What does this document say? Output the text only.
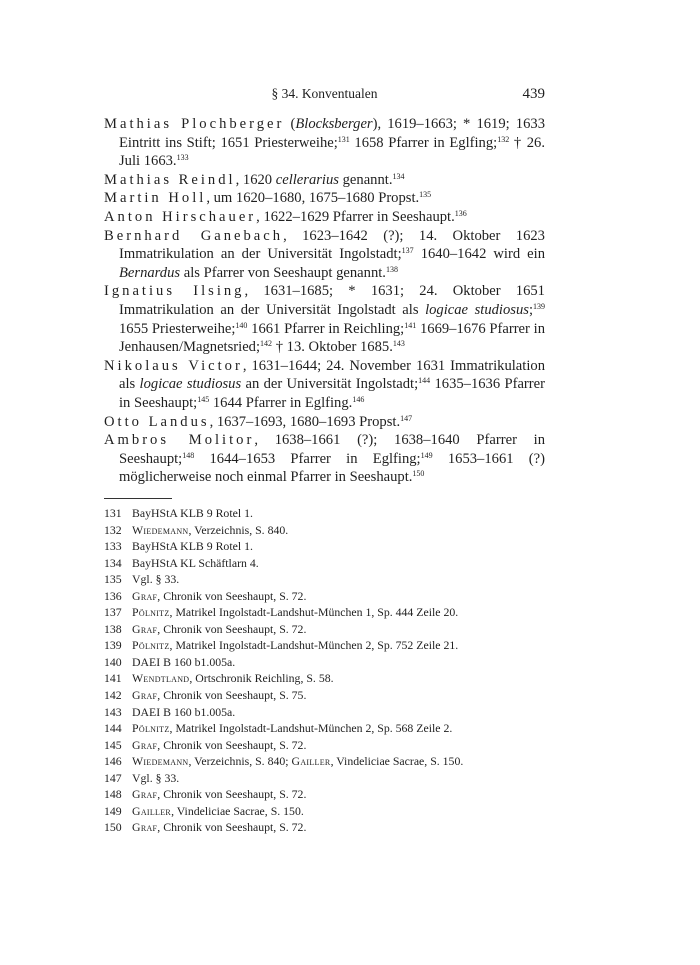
§ 34. Konventualen	439
Mathias Plochberger (Blocksberger), 1619–1663; * 1619; 1633 Eintritt ins Stift; 1651 Priesterweihe;$^{131}$ 1658 Pfarrer in Eglfing;$^{132}$ † 26. Juli 1663.$^{133}$
Mathias Reindl, 1620 cellerarius genannt.$^{134}$
Martin Holl, um 1620–1680, 1675–1680 Propst.$^{135}$
Anton Hirschauer, 1622–1629 Pfarrer in Seeshaupt.$^{136}$
Bernhard Ganebach, 1623–1642 (?); 14. Oktober 1623 Immatrikulation an der Universität Ingolstadt;$^{137}$ 1640–1642 wird ein Bernardus als Pfarrer von Seeshaupt genannt.$^{138}$
Ignatius Ilsing, 1631–1685; * 1631; 24. Oktober 1651 Immatrikulation an der Universität Ingolstadt als logicae studiosus;$^{139}$ 1655 Priesterweihe;$^{140}$ 1661 Pfarrer in Reichling;$^{141}$ 1669–1676 Pfarrer in Jenhausen/Magnetsried;$^{142}$ † 13. Oktober 1685.$^{143}$
Nikolaus Victor, 1631–1644; 24. November 1631 Immatrikulation als logicae studiosus an der Universität Ingolstadt;$^{144}$ 1635–1636 Pfarrer in Seeshaupt;$^{145}$ 1644 Pfarrer in Eglfing.$^{146}$
Otto Landus, 1637–1693, 1680–1693 Propst.$^{147}$
Ambros Molitor, 1638–1661 (?); 1638–1640 Pfarrer in Seeshaupt;$^{148}$ 1644–1653 Pfarrer in Eglfing;$^{149}$ 1653–1661 (?) möglicherweise noch einmal Pfarrer in Seeshaupt.$^{150}$
131 BayHStA KLB 9 Rotel 1.
132 Wiedemann, Verzeichnis, S. 840.
133 BayHStA KLB 9 Rotel 1.
134 BayHStA KL Schäftlarn 4.
135 Vgl. § 33.
136 Graf, Chronik von Seeshaupt, S. 72.
137 Pölnitz, Matrikel Ingolstadt-Landshut-München 1, Sp. 444 Zeile 20.
138 Graf, Chronik von Seeshaupt, S. 72.
139 Pölnitz, Matrikel Ingolstadt-Landshut-München 2, Sp. 752 Zeile 21.
140 DAEI B 160 b1.005a.
141 Wendtland, Ortschronik Reichling, S. 58.
142 Graf, Chronik von Seeshaupt, S. 75.
143 DAEI B 160 b1.005a.
144 Pölnitz, Matrikel Ingolstadt-Landshut-München 2, Sp. 568 Zeile 2.
145 Graf, Chronik von Seeshaupt, S. 72.
146 Wiedemann, Verzeichnis, S. 840; Gailler, Vindeliciae Sacrae, S. 150.
147 Vgl. § 33.
148 Graf, Chronik von Seeshaupt, S. 72.
149 Gailler, Vindeliciae Sacrae, S. 150.
150 Graf, Chronik von Seeshaupt, S. 72.
